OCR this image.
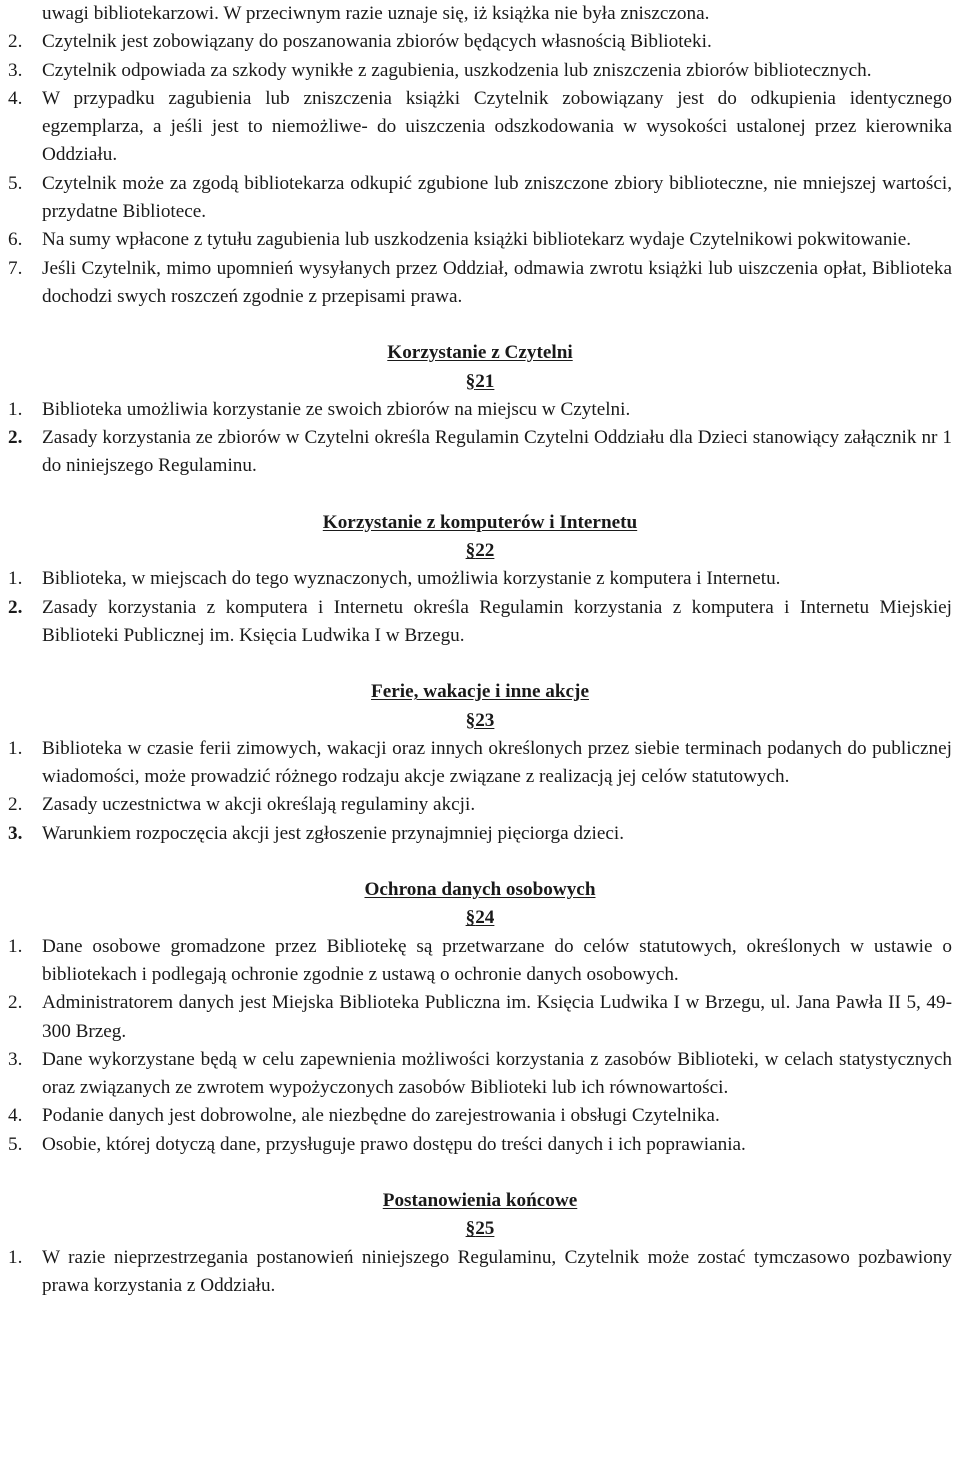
uwagi bibliotekarzowi. W przeciwnym razie uznaje się, iż książka nie była zniszczona.
2.	Czytelnik jest zobowiązany do poszanowania zbiorów będących własnością Biblioteki.
3.	Czytelnik odpowiada za szkody wynikłe z zagubienia, uszkodzenia lub zniszczenia zbiorów bibliotecznych.
4.	W przypadku zagubienia lub zniszczenia książki Czytelnik zobowiązany jest do odkupienia identycznego egzemplarza, a jeśli jest to niemożliwe- do uiszczenia odszkodowania w wysokości ustalonej przez kierownika Oddziału.
5.	Czytelnik może za zgodą bibliotekarza odkupić zgubione lub zniszczone zbiory biblioteczne, nie mniejszej wartości, przydatne Bibliotece.
6.	Na sumy wpłacone z tytułu zagubienia lub uszkodzenia książki bibliotekarz wydaje Czytelnikowi pokwitowanie.
7.	Jeśli Czytelnik, mimo upomnień wysyłanych przez Oddział, odmawia zwrotu książki lub uiszczenia opłat, Biblioteka dochodzi swych roszczeń zgodnie z przepisami prawa.
Korzystanie z Czytelni
§21
1.	Biblioteka umożliwia korzystanie ze swoich zbiorów na miejscu w Czytelni.
2.	Zasady korzystania ze zbiorów w Czytelni określa Regulamin Czytelni Oddziału dla Dzieci stanowiący załącznik nr 1 do niniejszego Regulaminu.
Korzystanie z komputerów i Internetu
§22
1.	Biblioteka, w miejscach do tego wyznaczonych, umożliwia korzystanie z komputera i Internetu.
2.	Zasady korzystania z komputera i Internetu określa Regulamin korzystania z komputera i Internetu Miejskiej Biblioteki Publicznej im. Księcia Ludwika I w Brzegu.
Ferie, wakacje i inne akcje
§23
1.	Biblioteka w czasie ferii zimowych, wakacji oraz innych określonych przez siebie terminach podanych do publicznej wiadomości, może prowadzić różnego rodzaju akcje związane z realizacją jej celów statutowych.
2.	Zasady uczestnictwa w akcji określają regulaminy akcji.
3.	Warunkiem rozpoczęcia akcji jest zgłoszenie przynajmniej pięciorga dzieci.
Ochrona danych osobowych
§24
1.	Dane osobowe gromadzone przez Bibliotekę są przetwarzane do celów statutowych, określonych w ustawie o bibliotekach i podlegają ochronie zgodnie z ustawą o ochronie danych osobowych.
2.	Administratorem danych jest Miejska Biblioteka Publiczna im. Księcia Ludwika I w Brzegu, ul. Jana Pawła II 5, 49-300 Brzeg.
3.	Dane wykorzystane będą w celu zapewnienia możliwości korzystania z zasobów Biblioteki, w celach statystycznych oraz związanych ze zwrotem wypożyczonych zasobów Biblioteki lub ich równowartości.
4.	Podanie danych jest dobrowolne, ale niezbędne do zarejestrowania i obsługi Czytelnika.
5.	Osobie, której dotyczą dane, przysługuje prawo dostępu do treści danych i ich poprawiania.
Postanowienia końcowe
§25
1.	W razie nieprzestrzegania postanowień niniejszego Regulaminu, Czytelnik może zostać tymczasowo pozbawiony prawa korzystania z Oddziału.
